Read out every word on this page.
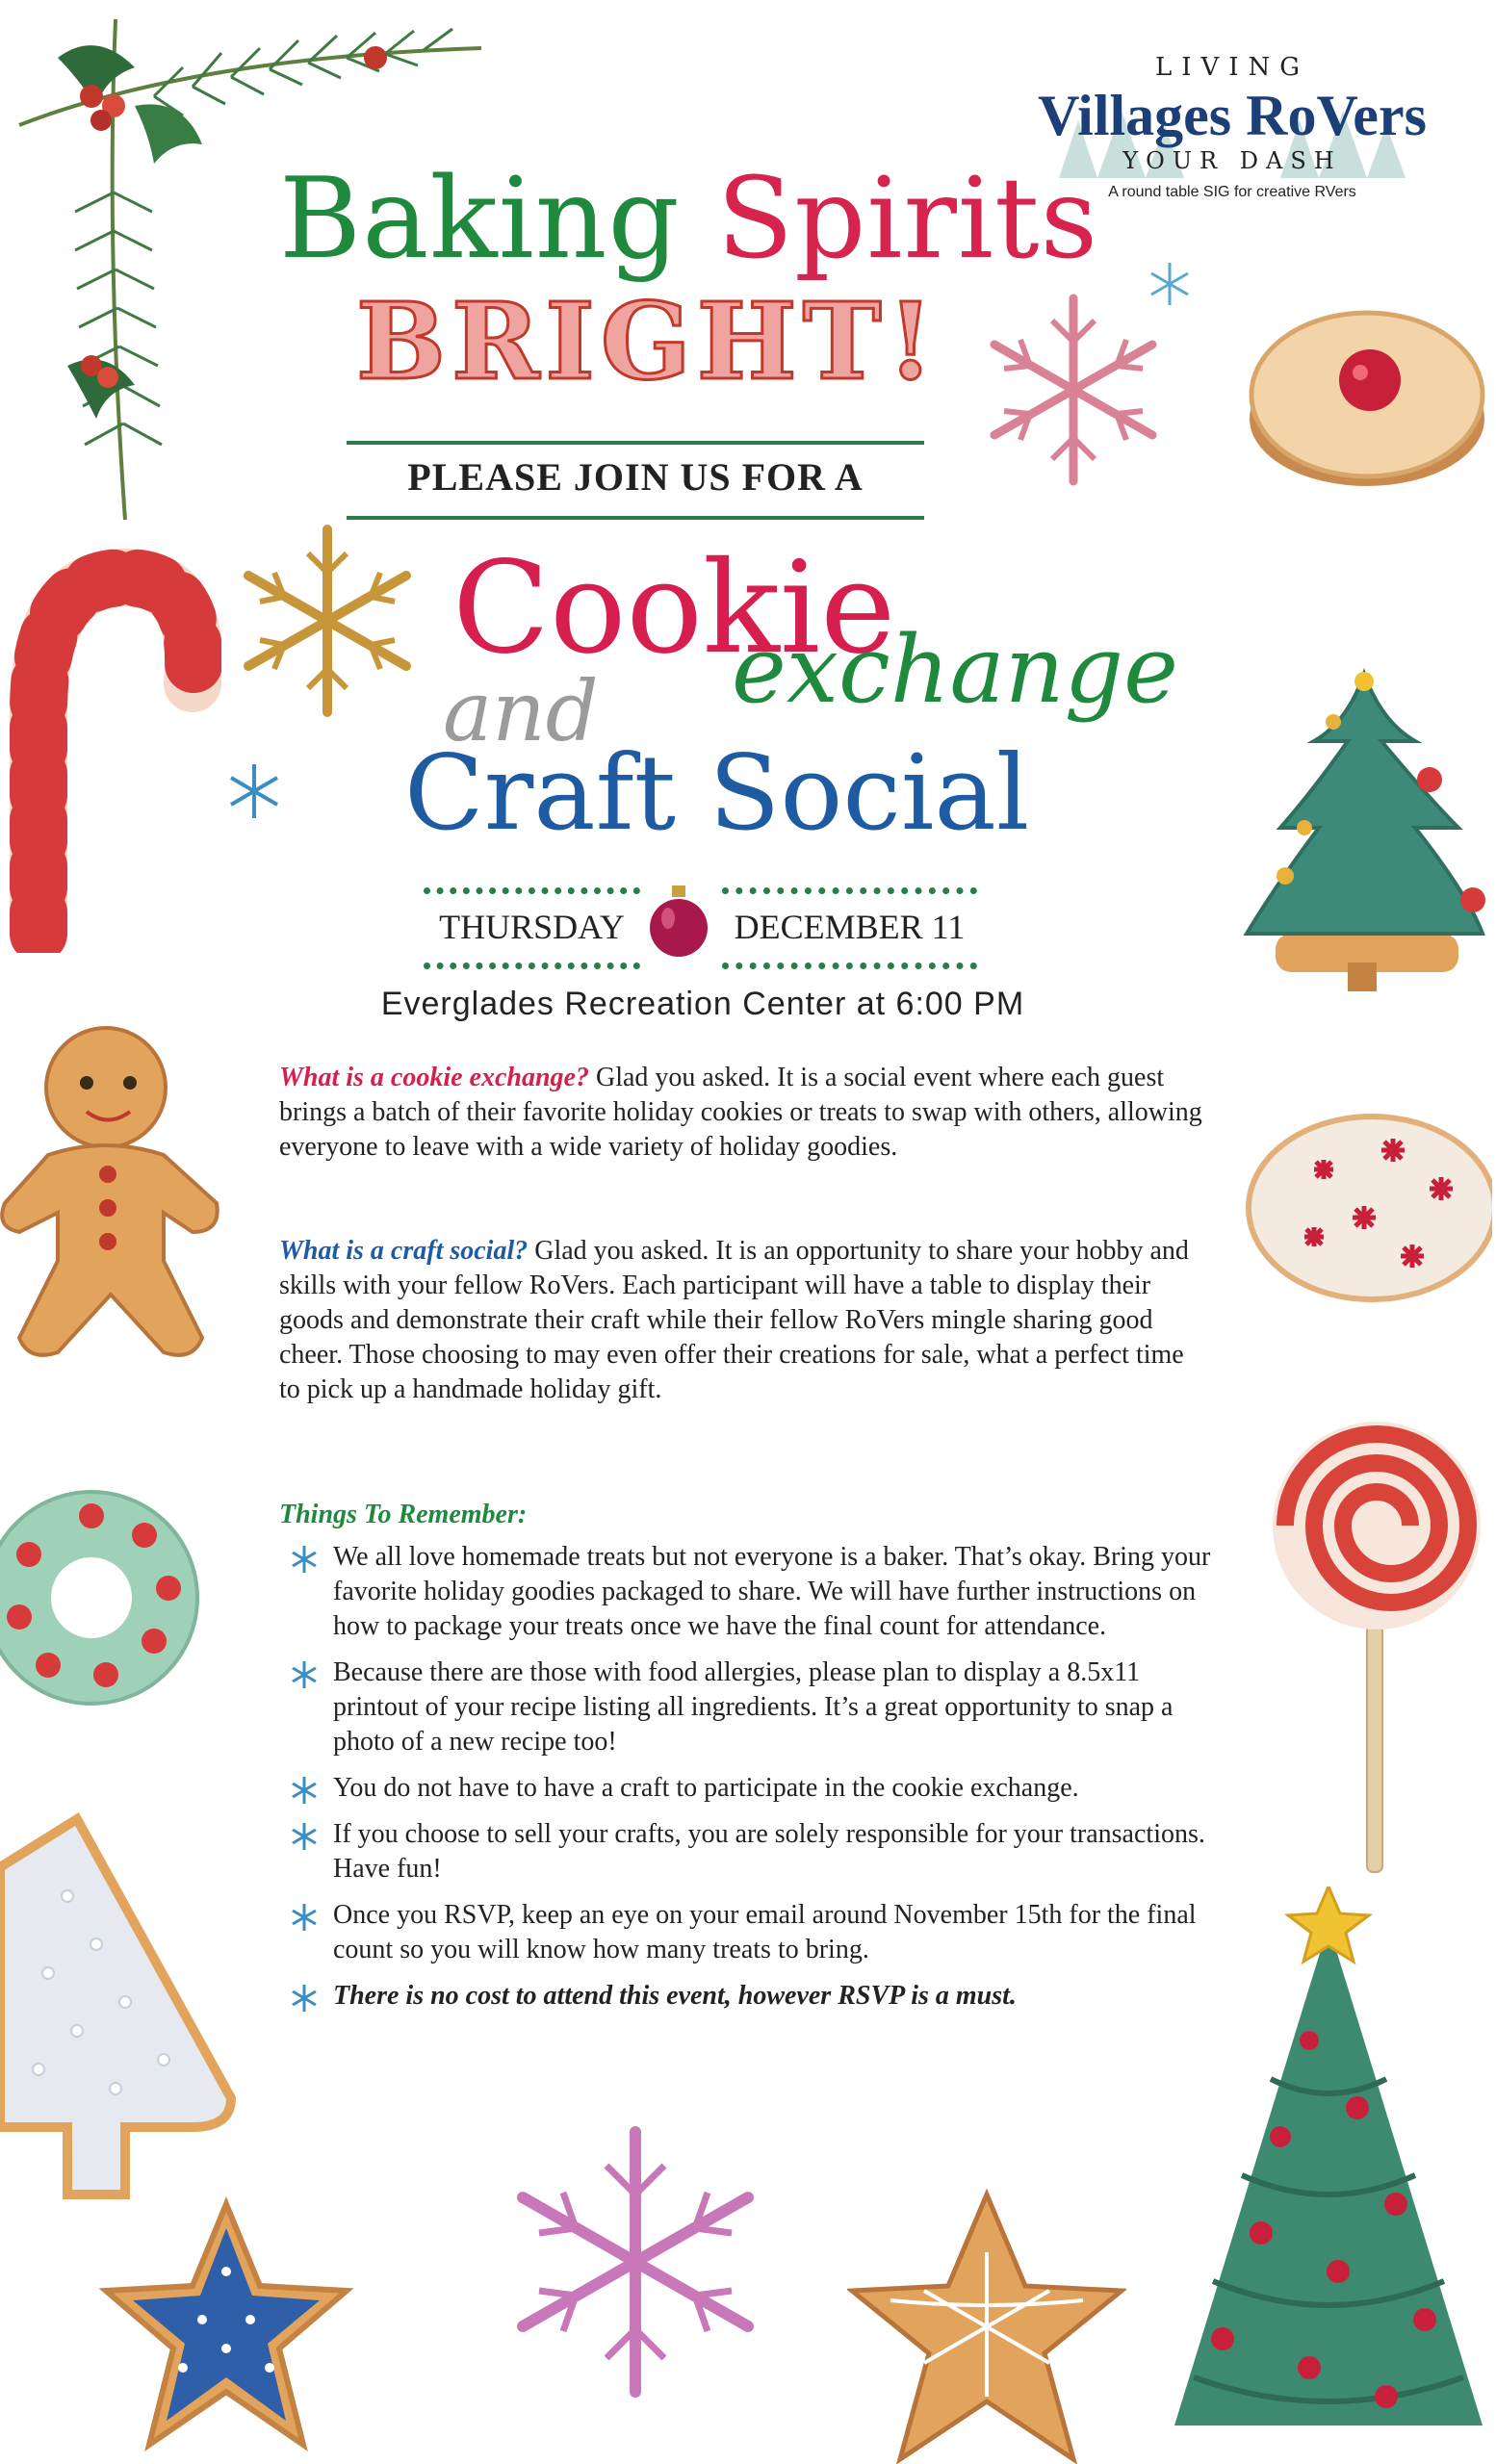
LIVING
Villages RoVers
YOUR DASH
A round table SIG for creative RVers
Baking Spirits
BRIGHT!
PLEASE JOIN US FOR A
Cookie
exchange
and
Craft Social
THURSDAY	DECEMBER 11
Everglades Recreation Center at 6:00 PM
What is a cookie exchange? Glad you asked. It is a social event where each guest brings a batch of their favorite holiday cookies or treats to swap with others, allowing everyone to leave with a wide variety of holiday goodies.
What is a craft social? Glad you asked. It is an opportunity to share your hobby and skills with your fellow RoVers. Each participant will have a table to display their goods and demonstrate their craft while their fellow RoVers mingle sharing good cheer. Those choosing to may even offer their creations for sale, what a perfect time to pick up a handmade holiday gift.
Things To Remember:
We all love homemade treats but not everyone is a baker. That’s okay. Bring your favorite holiday goodies packaged to share. We will have further instructions on how to package your treats once we have the final count for attendance.
Because there are those with food allergies, please plan to display a 8.5x11 printout of your recipe listing all ingredients. It’s a great opportunity to snap a photo of a new recipe too!
You do not have to have a craft to participate in the cookie exchange.
If you choose to sell your crafts, you are solely responsible for your transactions. Have fun!
Once you RSVP, keep an eye on your email around November 15th for the final count so you will know how many treats to bring.
There is no cost to attend this event, however RSVP is a must.
